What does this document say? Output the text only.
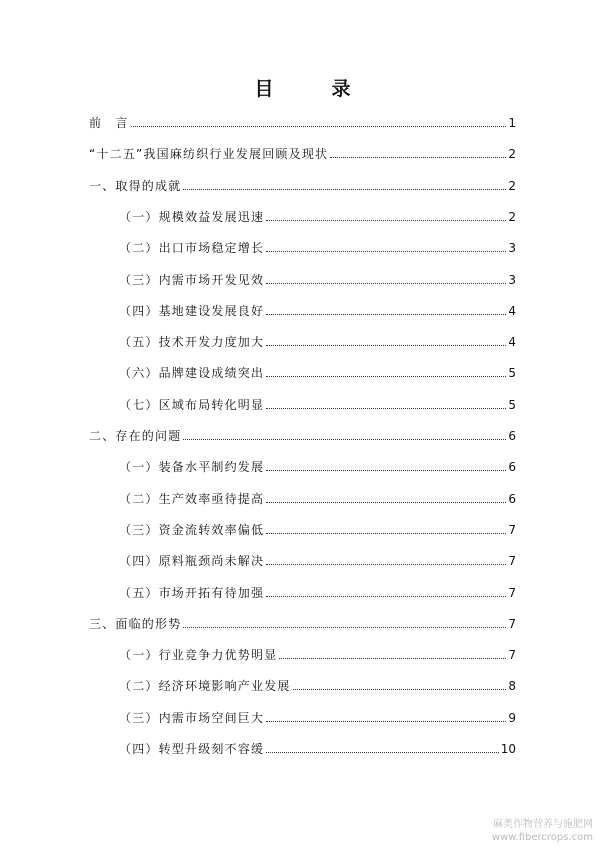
目录
前　言	1
“十二五”我国麻纺织行业发展回顾及现状	2
一、取得的成就	2
（一）规模效益发展迅速	2
（二）出口市场稳定增长	3
（三）内需市场开发见效	3
（四）基地建设发展良好	4
（五）技术开发力度加大	4
（六）品牌建设成绩突出	5
（七）区域布局转化明显	5
二、存在的问题	6
（一）装备水平制约发展	6
（二）生产效率亟待提高	6
（三）资金流转效率偏低	7
（四）原料瓶颈尚未解决	7
（五）市场开拓有待加强	7
三、面临的形势	7
（一）行业竞争力优势明显	7
（二）经济环境影响产业发展	8
（三）内需市场空间巨大	9
（四）转型升级刻不容缓	10
麻类作物营养与施肥网
www.fibercrops.com
